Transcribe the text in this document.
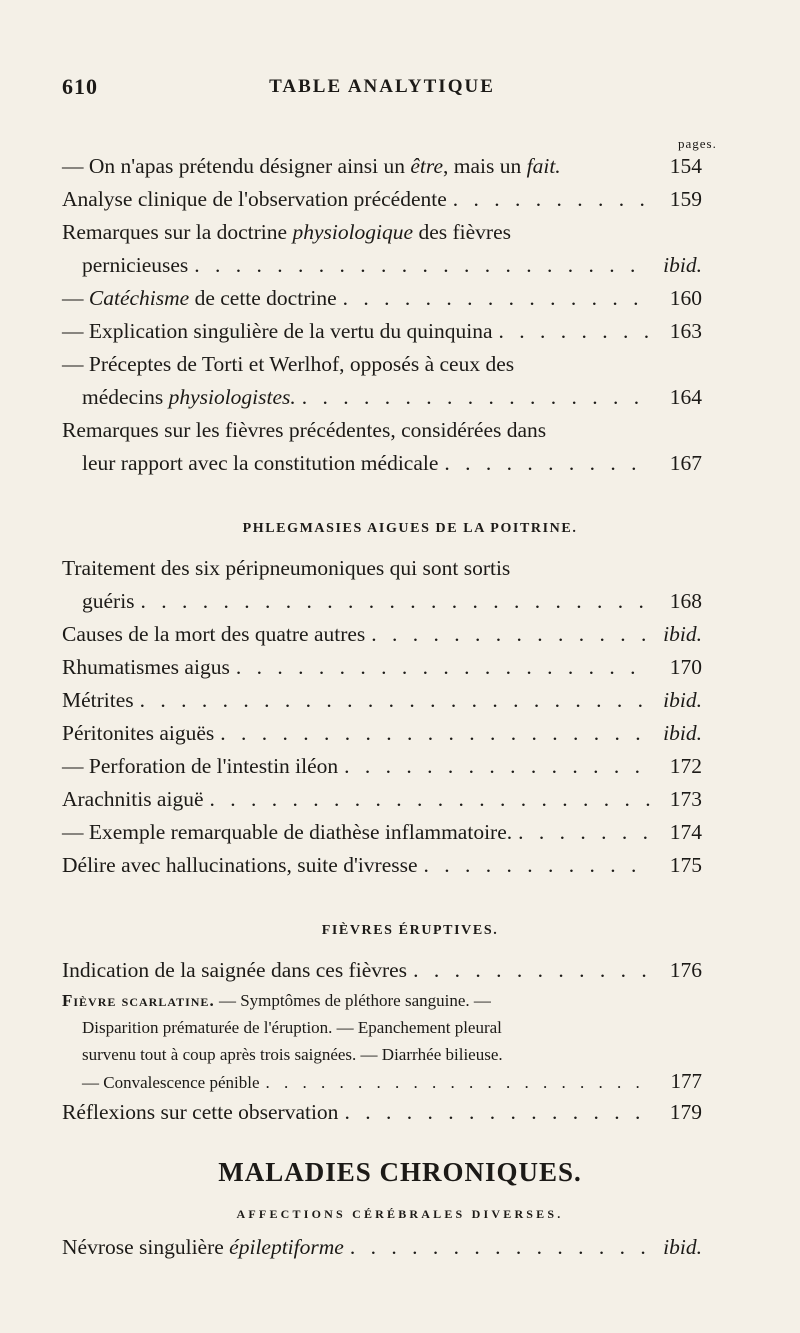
610	TABLE ANALYTIQUE
pages.
— On n'apas prétendu désigner ainsi un être, mais un fait.	154
Analyse clinique de l'observation précédente . . .	159
Remarques sur la doctrine physiologique des fièvres
pernicieuses . . .	ibid.
— Catéchisme de cette doctrine . . .	160
— Explication singulière de la vertu du quinquina . . .	163
— Préceptes de Torti et Werlhof, opposés à ceux des
médecins physiologistes. . . .	164
Remarques sur les fièvres précédentes, considérées dans
leur rapport avec la constitution médicale . . .	167
PHLEGMASIES AIGUES DE LA POITRINE.
Traitement des six péripneumoniques qui sont sortis
guéris . . .	168
Causes de la mort des quatre autres . . .	ibid.
Rhumatismes aigus . . .	170
Métrites . . .	ibid.
Péritonites aiguës . . .	ibid.
— Perforation de l'intestin iléon . . .	172
Arachnitis aiguë . . .	173
— Exemple remarquable de diathèse inflammatoire. . . .	174
Délire avec hallucinations, suite d'ivresse . . .	175
FIÈVRES ÉRUPTIVES.
Indication de la saignée dans ces fièvres . . .	176
Fièvre scarlatine. — Symptômes de pléthore sanguine. —
Disparition prématurée de l'éruption. — Epanchement pleural
survenu tout à coup après trois saignées. — Diarrhée bilieuse.
— Convalescence pénible . . .	177
Réflexions sur cette observation . . .	179
MALADIES CHRONIQUES.
AFFECTIONS CÉRÉBRALES DIVERSES.
Névrose singulière épileptiforme . . .	ibid.
